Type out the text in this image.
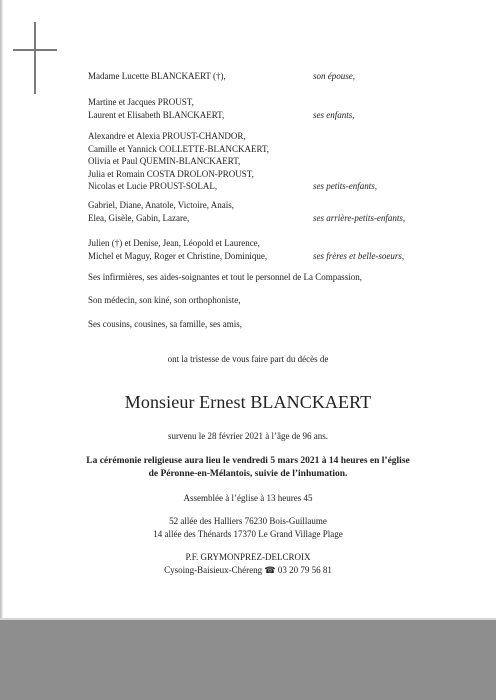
Madame Lucette BLANCKAERT (†),	son épouse,
Martine et Jacques PROUST,
Laurent et Elisabeth BLANCKAERT,	ses enfants,
Alexandre et Alexia PROUST-CHANDOR,
Camille et Yannick COLLETTE-BLANCKAERT,
Olivia et Paul QUEMIN-BLANCKAERT,
Julia et Romain COSTA DROLON-PROUST,
Nicolas et Lucie PROUST-SOLAL,	ses petits-enfants,
Gabriel, Diane, Anatole, Victoire, Anaïs,
Elea, Gisèle, Gabin, Lazare,	ses arrière-petits-enfants,
Julien (†) et Denise, Jean, Léopold et Laurence,
Michel et Maguy, Roger et Christine, Dominique,	ses frères et belle-soeurs,
Ses infirmières, ses aides-soignantes et tout le personnel de La Compassion,
Son médecin, son kiné, son orthophoniste,
Ses cousins, cousines, sa famille, ses amis,
ont la tristesse de vous faire part du décès de
Monsieur Ernest BLANCKAERT
survenu le 28 février 2021 à l’âge de 96 ans.
La cérémonie religieuse aura lieu le vendredi 5 mars 2021 à 14 heures en l’église
de Péronne-en-Mélantois, suivie de l’inhumation.
Assemblée à l’église à 13 heures 45
52 allée des Halliers 76230 Bois-Guillaume
14 allée des Thénards 17370 Le Grand Village Plage
P.F. GRYMONPREZ-DELCROIX
Cysoing-Baisieux-Chéreng ☎ 03 20 79 56 81
